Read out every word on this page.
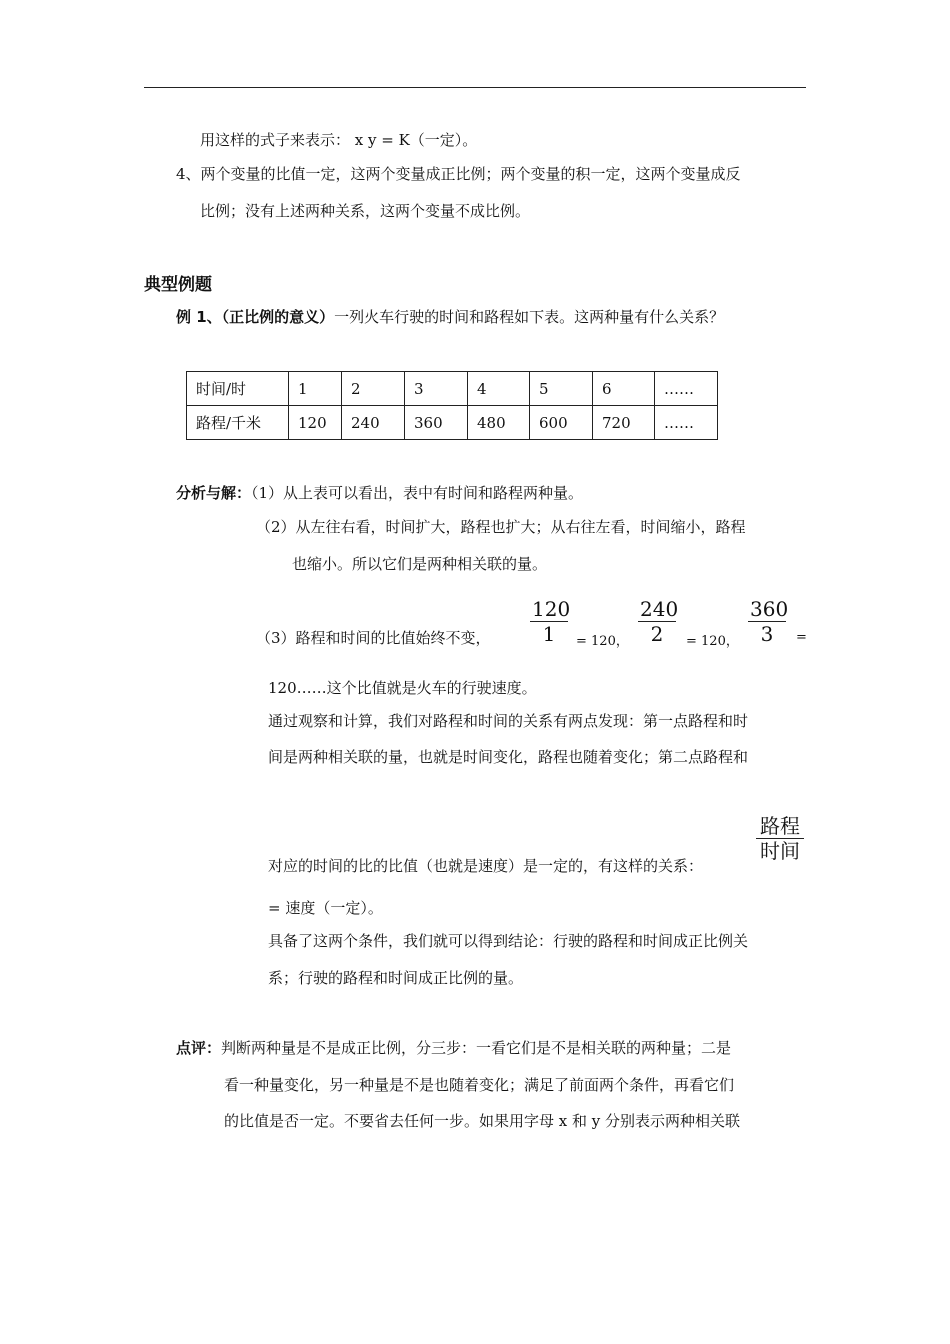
用这样的式子来表示： x y = K（一定）。
4、两个变量的比值一定，这两个变量成正比例；两个变量的积一定，这两个变量成反
比例；没有上述两种关系，这两个变量不成比例。
典型例题
例 1、（正比例的意义）一列火车行驶的时间和路程如下表。这两种量有什么关系？
时间/时	1	2	3	4	5	6	……
路程/千米	120	240	360	480	600	720	……
分析与解：（1）从上表可以看出，表中有时间和路程两种量。
（2）从左往右看，时间扩大，路程也扩大；从右往左看，时间缩小，路程
也缩小。所以它们是两种相关联的量。
（3）路程和时间的比值始终不变，
120
1	= 120，
240
2	= 120，
360
3	=
120……这个比值就是火车的行驶速度。
通过观察和计算，我们对路程和时间的关系有两点发现：第一点路程和时
间是两种相关联的量，也就是时间变化，路程也随着变化；第二点路程和
对应的时间的比的比值（也就是速度）是一定的，有这样的关系：
路程
时间
= 速度（一定）。
具备了这两个条件，我们就可以得到结论：行驶的路程和时间成正比例关
系；行驶的路程和时间成正比例的量。
点评：判断两种量是不是成正比例，分三步：一看它们是不是相关联的两种量；二是
看一种量变化，另一种量是不是也随着变化；满足了前面两个条件，再看它们
的比值是否一定。不要省去任何一步。如果用字母 x 和 y 分别表示两种相关联
